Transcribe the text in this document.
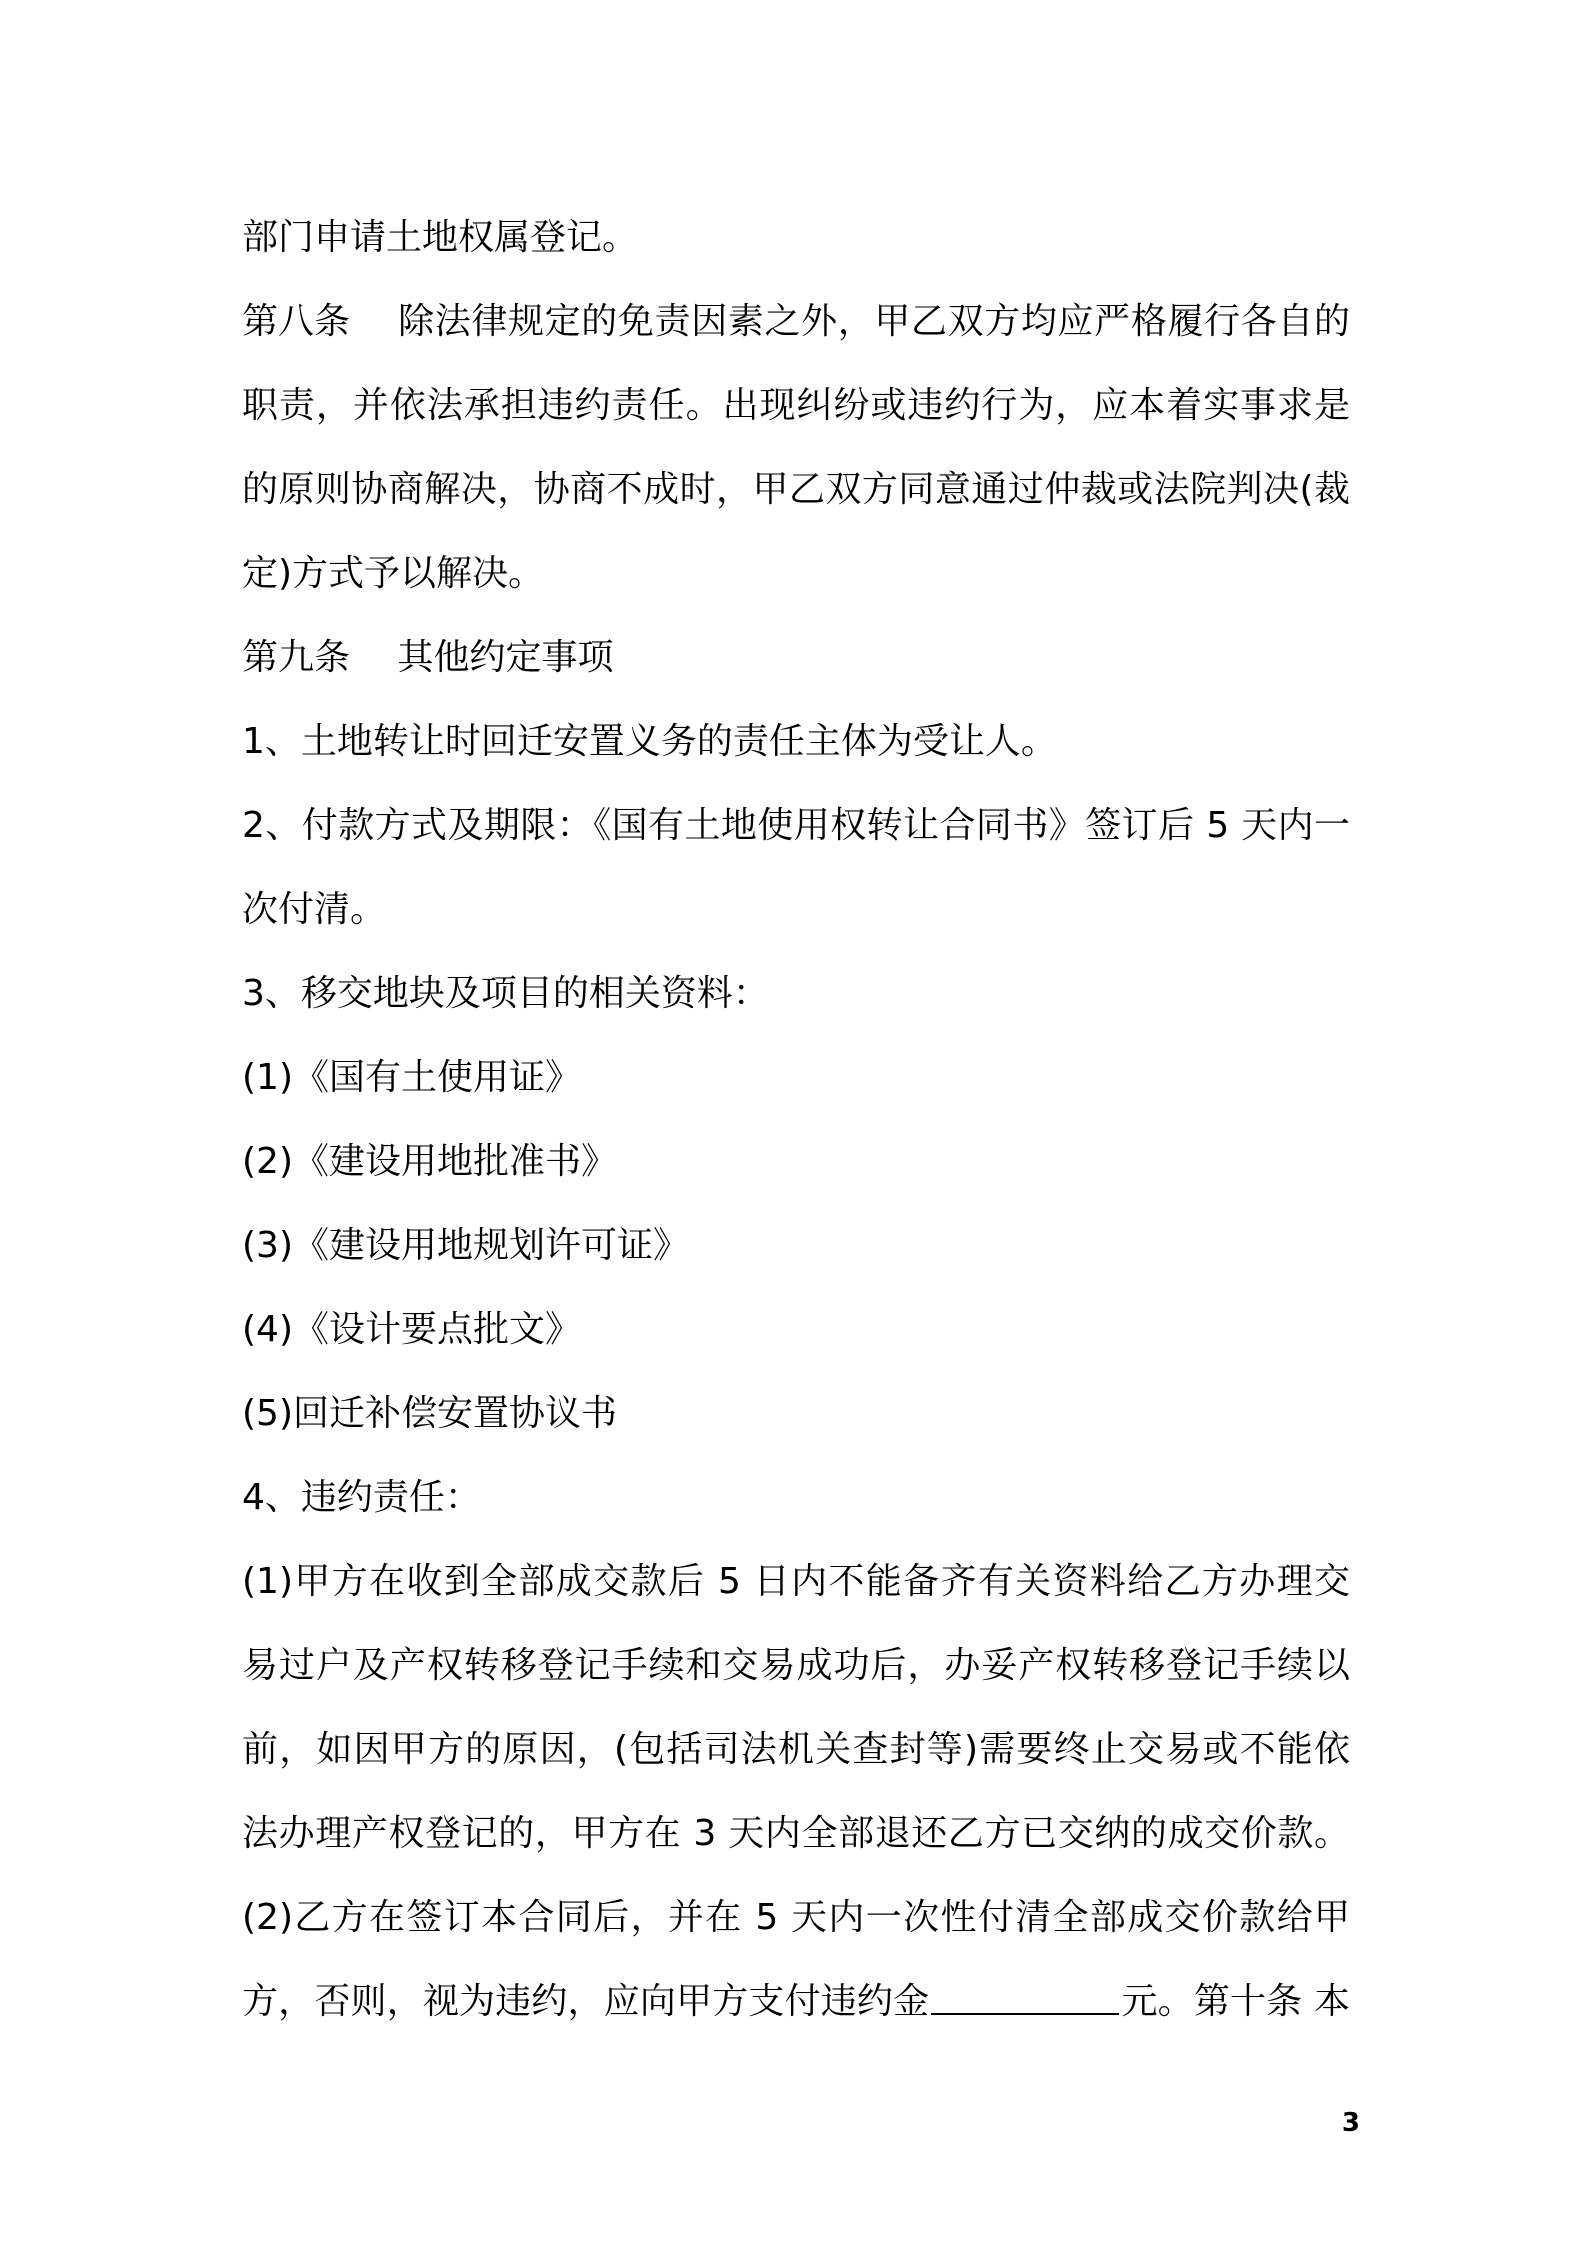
部门申请土地权属登记。
第八条 除法律规定的免责因素之外，甲乙双方均应严格履行各自的
职责，并依法承担违约责任。出现纠纷或违约行为，应本着实事求是
的原则协商解决，协商不成时，甲乙双方同意通过仲裁或法院判决(裁
定)方式予以解决。
第九条 其他约定事项
1、土地转让时回迁安置义务的责任主体为受让人。
2、付款方式及期限：《国有土地使用权转让合同书》签订后 5 天内一
次付清。
3、移交地块及项目的相关资料：
(1)《国有土使用证》
(2)《建设用地批准书》
(3)《建设用地规划许可证》
(4)《设计要点批文》
(5)回迁补偿安置协议书
4、违约责任：
(1)甲方在收到全部成交款后 5 日内不能备齐有关资料给乙方办理交
易过户及产权转移登记手续和交易成功后，办妥产权转移登记手续以
前，如因甲方的原因，(包括司法机关查封等)需要终止交易或不能依
法办理产权登记的，甲方在 3 天内全部退还乙方已交纳的成交价款。
(2)乙方在签订本合同后，并在 5 天内一次性付清全部成交价款给甲
方，否则，视为违约，应向甲方支付违约金	元。第十条 本
3
